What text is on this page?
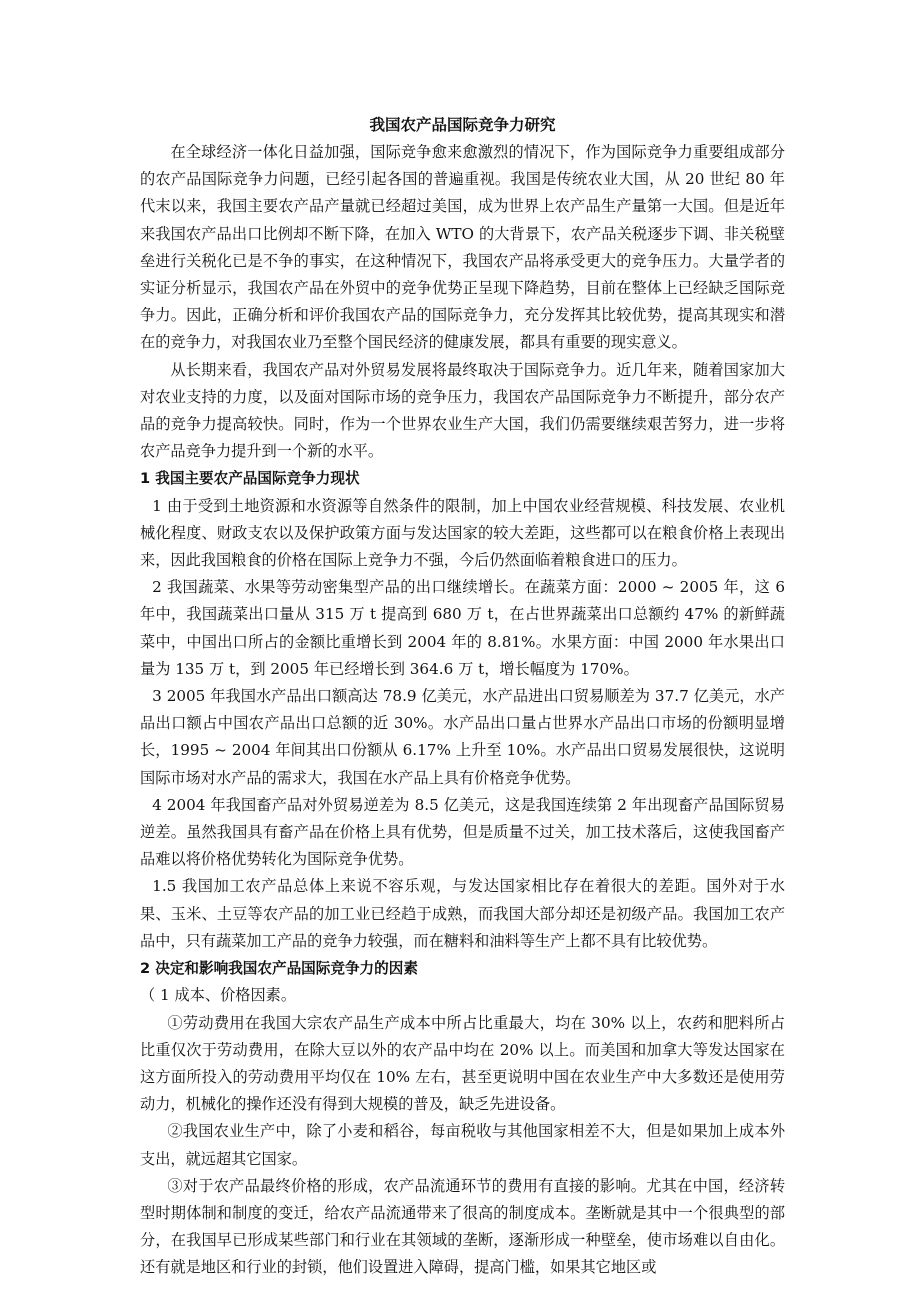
我国农产品国际竞争力研究

在全球经济一体化日益加强，国际竞争愈来愈激烈的情况下，作为国际竞争力重要组成部分的农产品国际竞争力问题，已经引起各国的普遍重视。我国是传统农业大国，从 20 世纪 80 年代末以来，我国主要农产品产量就已经超过美国，成为世界上农产品生产量第一大国。但是近年来我国农产品出口比例却不断下降，在加入 WTO 的大背景下，农产品关税逐步下调、非关税壁垒进行关税化已是不争的事实，在这种情况下，我国农产品将承受更大的竞争压力。大量学者的实证分析显示，我国农产品在外贸中的竞争优势正呈现下降趋势，目前在整体上已经缺乏国际竞争力。因此，正确分析和评价我国农产品的国际竞争力，充分发挥其比较优势，提高其现实和潜在的竞争力，对我国农业乃至整个国民经济的健康发展，都具有重要的现实意义。

从长期来看，我国农产品对外贸易发展将最终取决于国际竞争力。近几年来，随着国家加大对农业支持的力度，以及面对国际市场的竞争压力，我国农产品国际竞争力不断提升，部分农产品的竞争力提高较快。同时，作为一个世界农业生产大国，我们仍需要继续艰苦努力，进一步将农产品竞争力提升到一个新的水平。

1 我国主要农产品国际竞争力现状

1 由于受到土地资源和水资源等自然条件的限制，加上中国农业经营规模、科技发展、农业机械化程度、财政支农以及保护政策方面与发达国家的较大差距，这些都可以在粮食价格上表现出来，因此我国粮食的价格在国际上竞争力不强，今后仍然面临着粮食进口的压力。

2 我国蔬菜、水果等劳动密集型产品的出口继续增长。在蔬菜方面：2000 ~ 2005 年，这 6 年中，我国蔬菜出口量从 315 万 t 提高到 680 万 t，在占世界蔬菜出口总额约 47% 的新鲜蔬菜中，中国出口所占的金额比重增长到 2004 年的 8.81%。水果方面：中国 2000 年水果出口量为 135 万 t，到 2005 年已经增长到 364.6 万 t，增长幅度为 170%。

3 2005 年我国水产品出口额高达 78.9 亿美元，水产品进出口贸易顺差为 37.7 亿美元，水产品出口额占中国农产品出口总额的近 30%。水产品出口量占世界水产品出口市场的份额明显增长，1995 ~ 2004 年间其出口份额从 6.17% 上升至 10%。水产品出口贸易发展很快，这说明国际市场对水产品的需求大，我国在水产品上具有价格竞争优势。

4 2004 年我国畜产品对外贸易逆差为 8.5 亿美元，这是我国连续第 2 年出现畜产品国际贸易逆差。虽然我国具有畜产品在价格上具有优势，但是质量不过关，加工技术落后，这使我国畜产品难以将价格优势转化为国际竞争优势。

1.5 我国加工农产品总体上来说不容乐观，与发达国家相比存在着很大的差距。国外对于水果、玉米、土豆等农产品的加工业已经趋于成熟，而我国大部分却还是初级产品。我国加工农产品中，只有蔬菜加工产品的竞争力较强，而在糖料和油料等生产上都不具有比较优势。

2 决定和影响我国农产品国际竞争力的因素

（ 1 成本、价格因素。

①劳动费用在我国大宗农产品生产成本中所占比重最大，均在 30% 以上，农药和肥料所占比重仅次于劳动费用，在除大豆以外的农产品中均在 20% 以上。而美国和加拿大等发达国家在这方面所投入的劳动费用平均仅在 10% 左右，甚至更说明中国在农业生产中大多数还是使用劳动力，机械化的操作还没有得到大规模的普及，缺乏先进设备。

②我国农业生产中，除了小麦和稻谷，每亩税收与其他国家相差不大，但是如果加上成本外支出，就远超其它国家。

③对于农产品最终价格的形成，农产品流通环节的费用有直接的影响。尤其在中国，经济转型时期体制和制度的变迁，给农产品流通带来了很高的制度成本。垄断就是其中一个很典型的部分，在我国早已形成某些部门和行业在其领域的垄断，逐渐形成一种壁垒，使市场难以自由化。还有就是地区和行业的封锁，他们设置进入障碍，提高门槛，如果其它地区或
